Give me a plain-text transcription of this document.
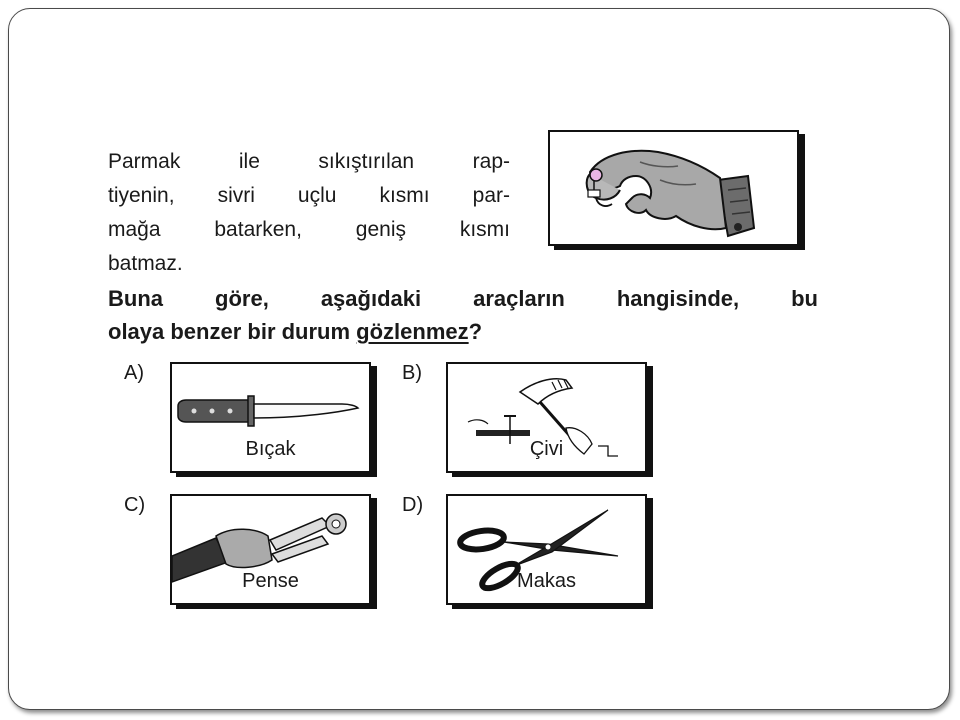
Parmak ile sıkıştırılan rap-
tiyenin, sivri uçlu kısmı par-
mağa batarken, geniş kısmı
batmaz.
Buna göre, aşağıdaki araçların hangisinde, bu
olaya benzer bir durum gözlenmez?
A)
Bıçak
B)
Çivi
C)
Pense
D)
Makas
